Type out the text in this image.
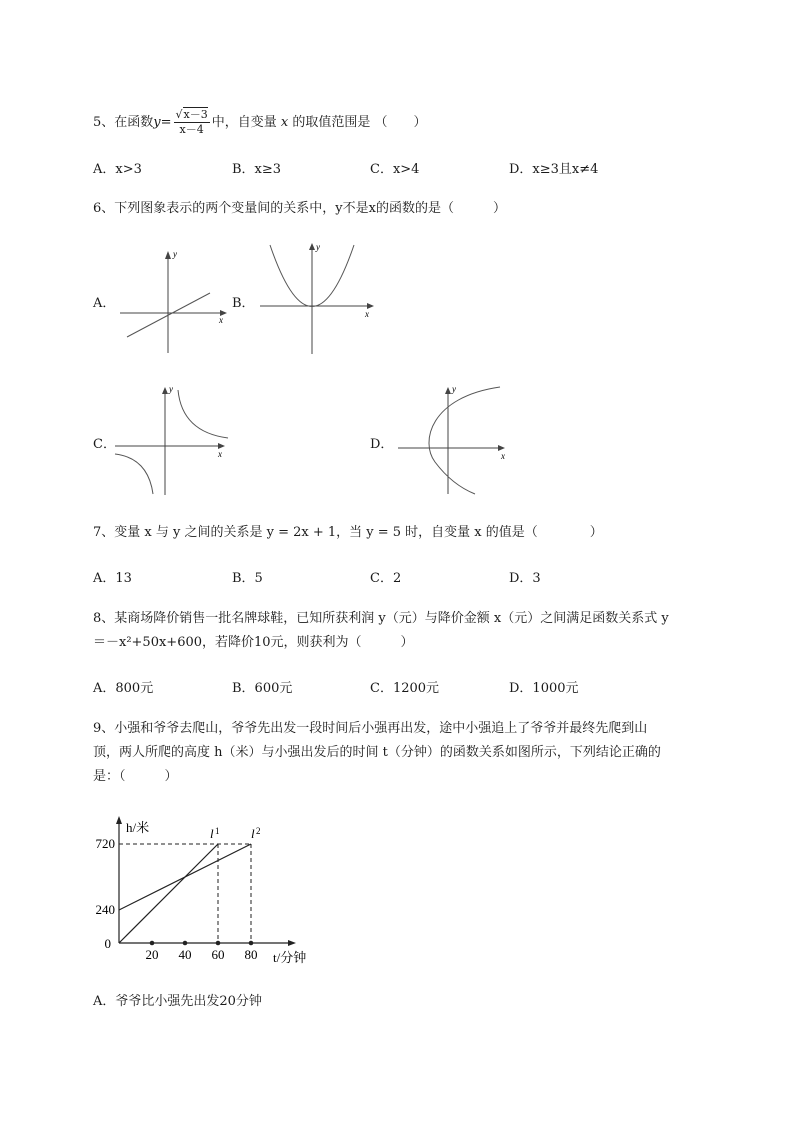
5、在函数$y= \frac{√x-3}{x-4}$ 中，自变量 x 的取值范围是 （　　）
A．x>3	B．x≥3	C．x>4	D．x≥3且x≠4
6、下列图象表示的两个变量间的关系中，y不是x的函数的是（　　　）
A．
y
x
B．
y
x
C．
y
x
D．
y
x
7、变量 x 与 y 之间的关系是 y = 2x + 1，当 y = 5 时，自变量 x 的值是（　　　　）
A．13	B．5	C．2	D．3
8、某商场降价销售一批名牌球鞋，已知所获利润 y（元）与降价金额 x（元）之间满足函数关系式 y
＝－x²+50x+600，若降价10元，则获利为（　　　）
A．800元	B．600元	C．1200元	D．1000元
9、小强和爷爷去爬山，爷爷先出发一段时间后小强再出发，途中小强追上了爷爷并最终先爬到山
顶，两人所爬的高度 h（米）与小强出发后的时间 t（分钟）的函数关系如图所示，下列结论正确的
是：（　　　）
h/米
t/分钟
0
20 40 60 80
240
720
l 1 l 2
A．爷爷比小强先出发20分钟
